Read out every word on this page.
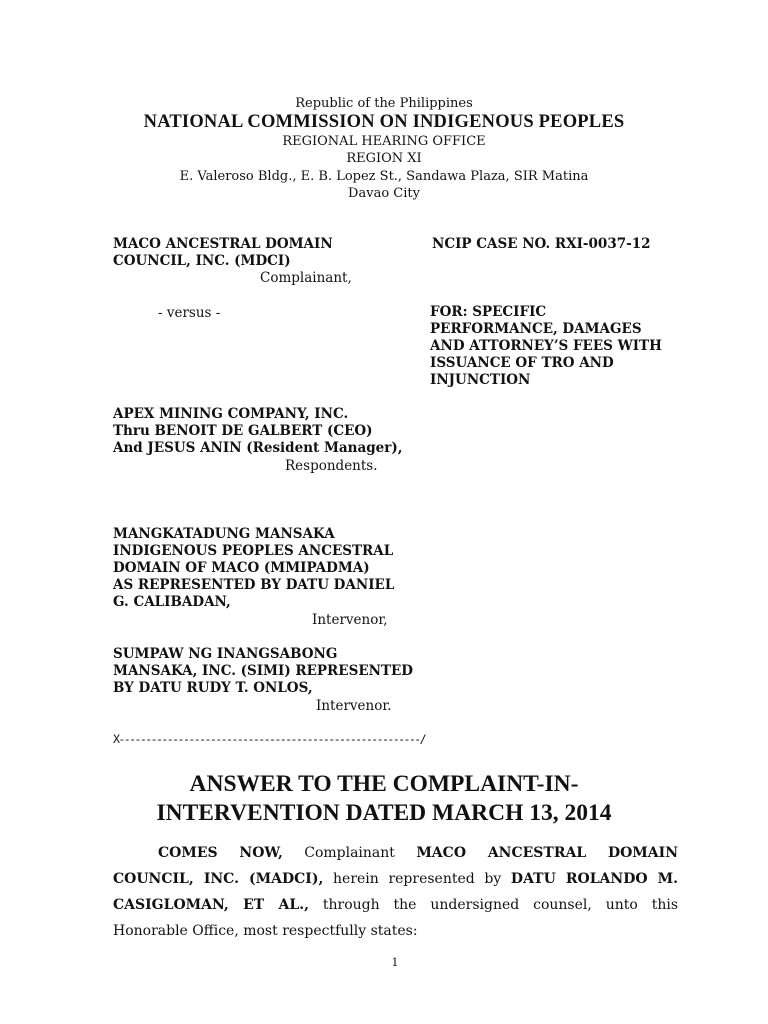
Republic of the Philippines
NATIONAL COMMISSION ON INDIGENOUS PEOPLES
REGIONAL HEARING OFFICE
REGION XI
E. Valeroso Bldg., E. B. Lopez St., Sandawa Plaza, SIR Matina
Davao City
MACO ANCESTRAL DOMAIN
COUNCIL, INC. (MDCI)
Complainant,
NCIP CASE NO. RXI-0037-12
- versus -	FOR: SPECIFIC
PERFORMANCE, DAMAGES
AND ATTORNEY’S FEES WITH
ISSUANCE OF TRO AND
INJUNCTION
APEX MINING COMPANY, INC.
Thru BENOIT DE GALBERT (CEO)
And JESUS ANIN (Resident Manager),
Respondents.
MANGKATADUNG MANSAKA
INDIGENOUS PEOPLES ANCESTRAL
DOMAIN OF MACO (MMIPADMA)
AS REPRESENTED BY DATU DANIEL
G. CALIBADAN,
Intervenor,
SUMPAW NG INANGSABONG
MANSAKA, INC. (SIMI) REPRESENTED
BY DATU RUDY T. ONLOS,
Intervenor.
X--------------------------------------------------------/
ANSWER TO THE COMPLAINT-IN-
INTERVENTION DATED MARCH 13, 2014
COMES NOW, Complainant MACO ANCESTRAL DOMAIN COUNCIL, INC. (MADCI), herein represented by DATU ROLANDO M. CASIGLOMAN, ET AL., through the undersigned counsel, unto this Honorable Office, most respectfully states:
1
